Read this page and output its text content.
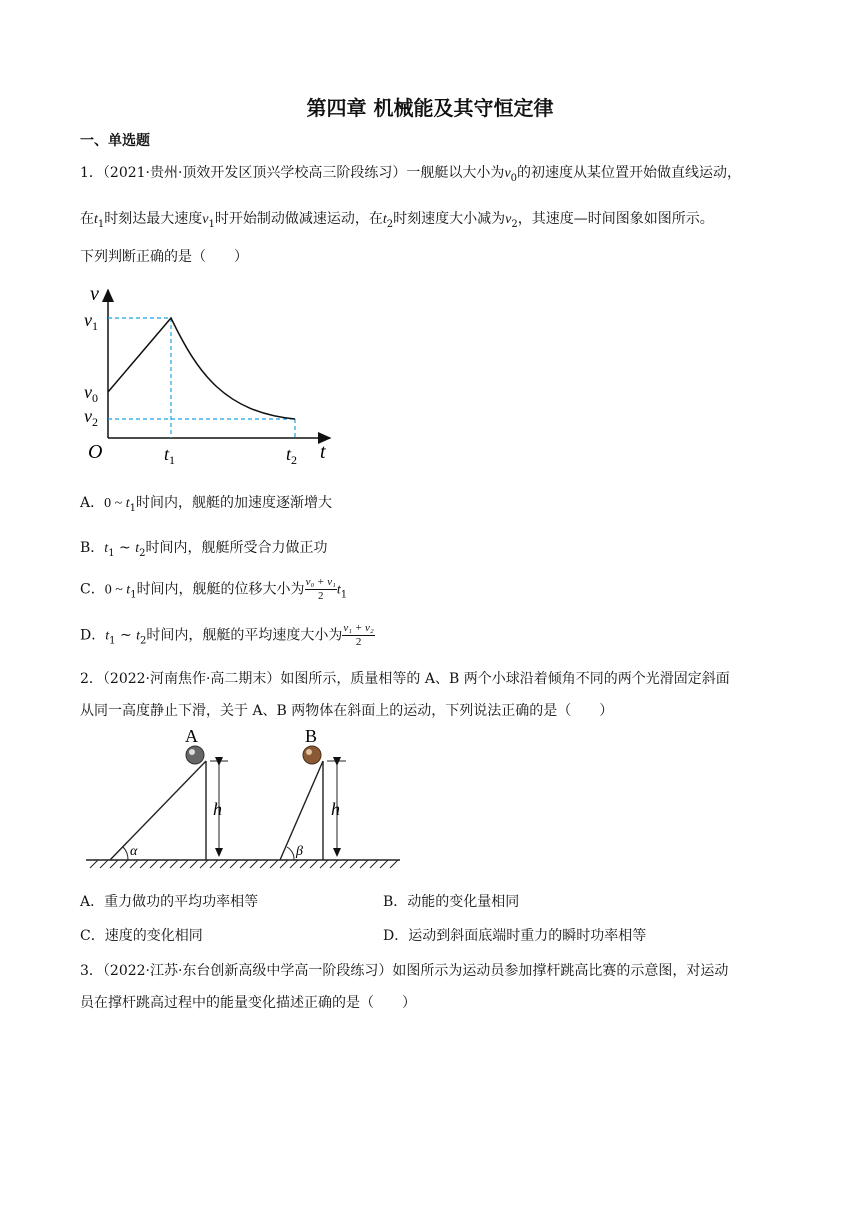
第四章 机械能及其守恒定律
一、单选题
1．（2021·贵州·顶效开发区顶兴学校高三阶段练习）一舰艇以大小为$v_0$的初速度从某位置开始做直线运动，
在$t_1$时刻达最大速度$v_1$时开始制动做减速运动，在$t_2$时刻速度大小减为$v_2$，其速度—时间图象如图所示。
下列判断正确的是（　　）
v
t
O
$v_1$
$v_0$
$v_2$
$t_1$	$t_2$
A．0 ~ $t_1$时间内，舰艇的加速度逐渐增大
B．$t_1$ ~ $t_2$时间内，舰艇所受合力做正功
C．0 ~ $t_1$时间内，舰艇的位移大小为 $\frac{\text{v₀ + v₁}}{2} t_1$
D．$t_1$ ~ $t_2$时间内，舰艇的平均速度大小为 $\frac{\text{v₁ + v₂}}{2}$
2．（2022·河南焦作·高二期末）如图所示，质量相等的 A、B 两个小球沿着倾角不同的两个光滑固定斜面
从同一高度静止下滑，关于 A、B 两物体在斜面上的运动，下列说法正确的是（　　）
A
h
α
B
h
β
A．重力做功的平均功率相等	B．动能的变化量相同
C．速度的变化相同	D．运动到斜面底端时重力的瞬时功率相等
3．（2022·江苏·东台创新高级中学高一阶段练习）如图所示为运动员参加撑杆跳高比赛的示意图，对运动
员在撑杆跳高过程中的能量变化描述正确的是（　　）
